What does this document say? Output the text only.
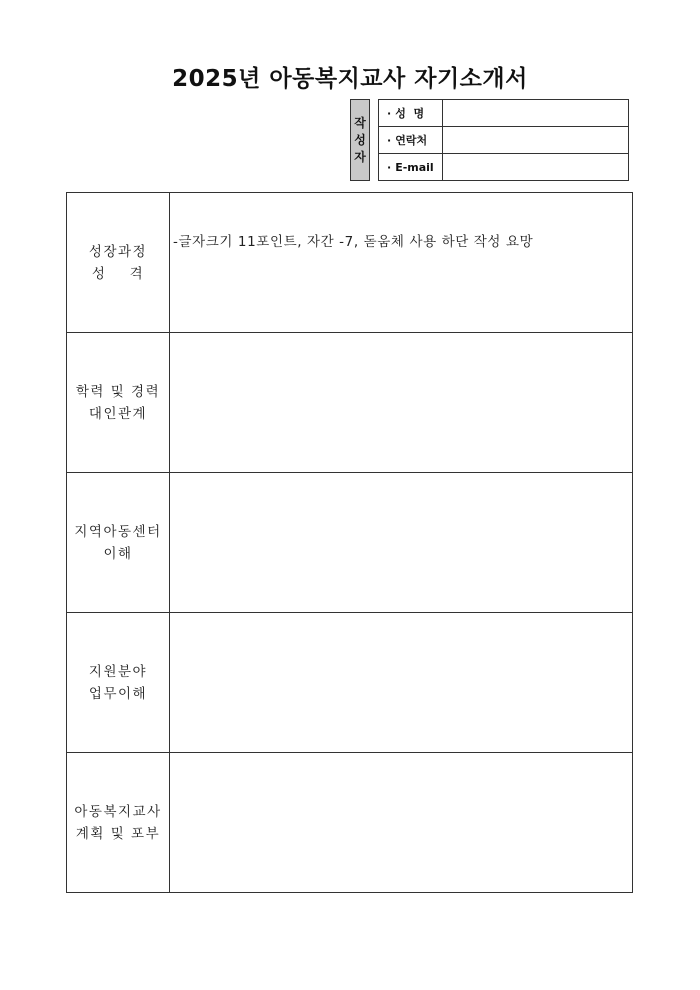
2025년 아동복지교사 자기소개서
작
성
자
· 성  명	
· 연락처	
· E-mail	
성장과정
성    격	-글자크기 11포인트, 자간 -7, 돋움체 사용 하단 작성 요망

학력 및 경력
대인관계	

지역아동센터
이해	

지원분야
업무이해	

아동복지교사
계획 및 포부	
